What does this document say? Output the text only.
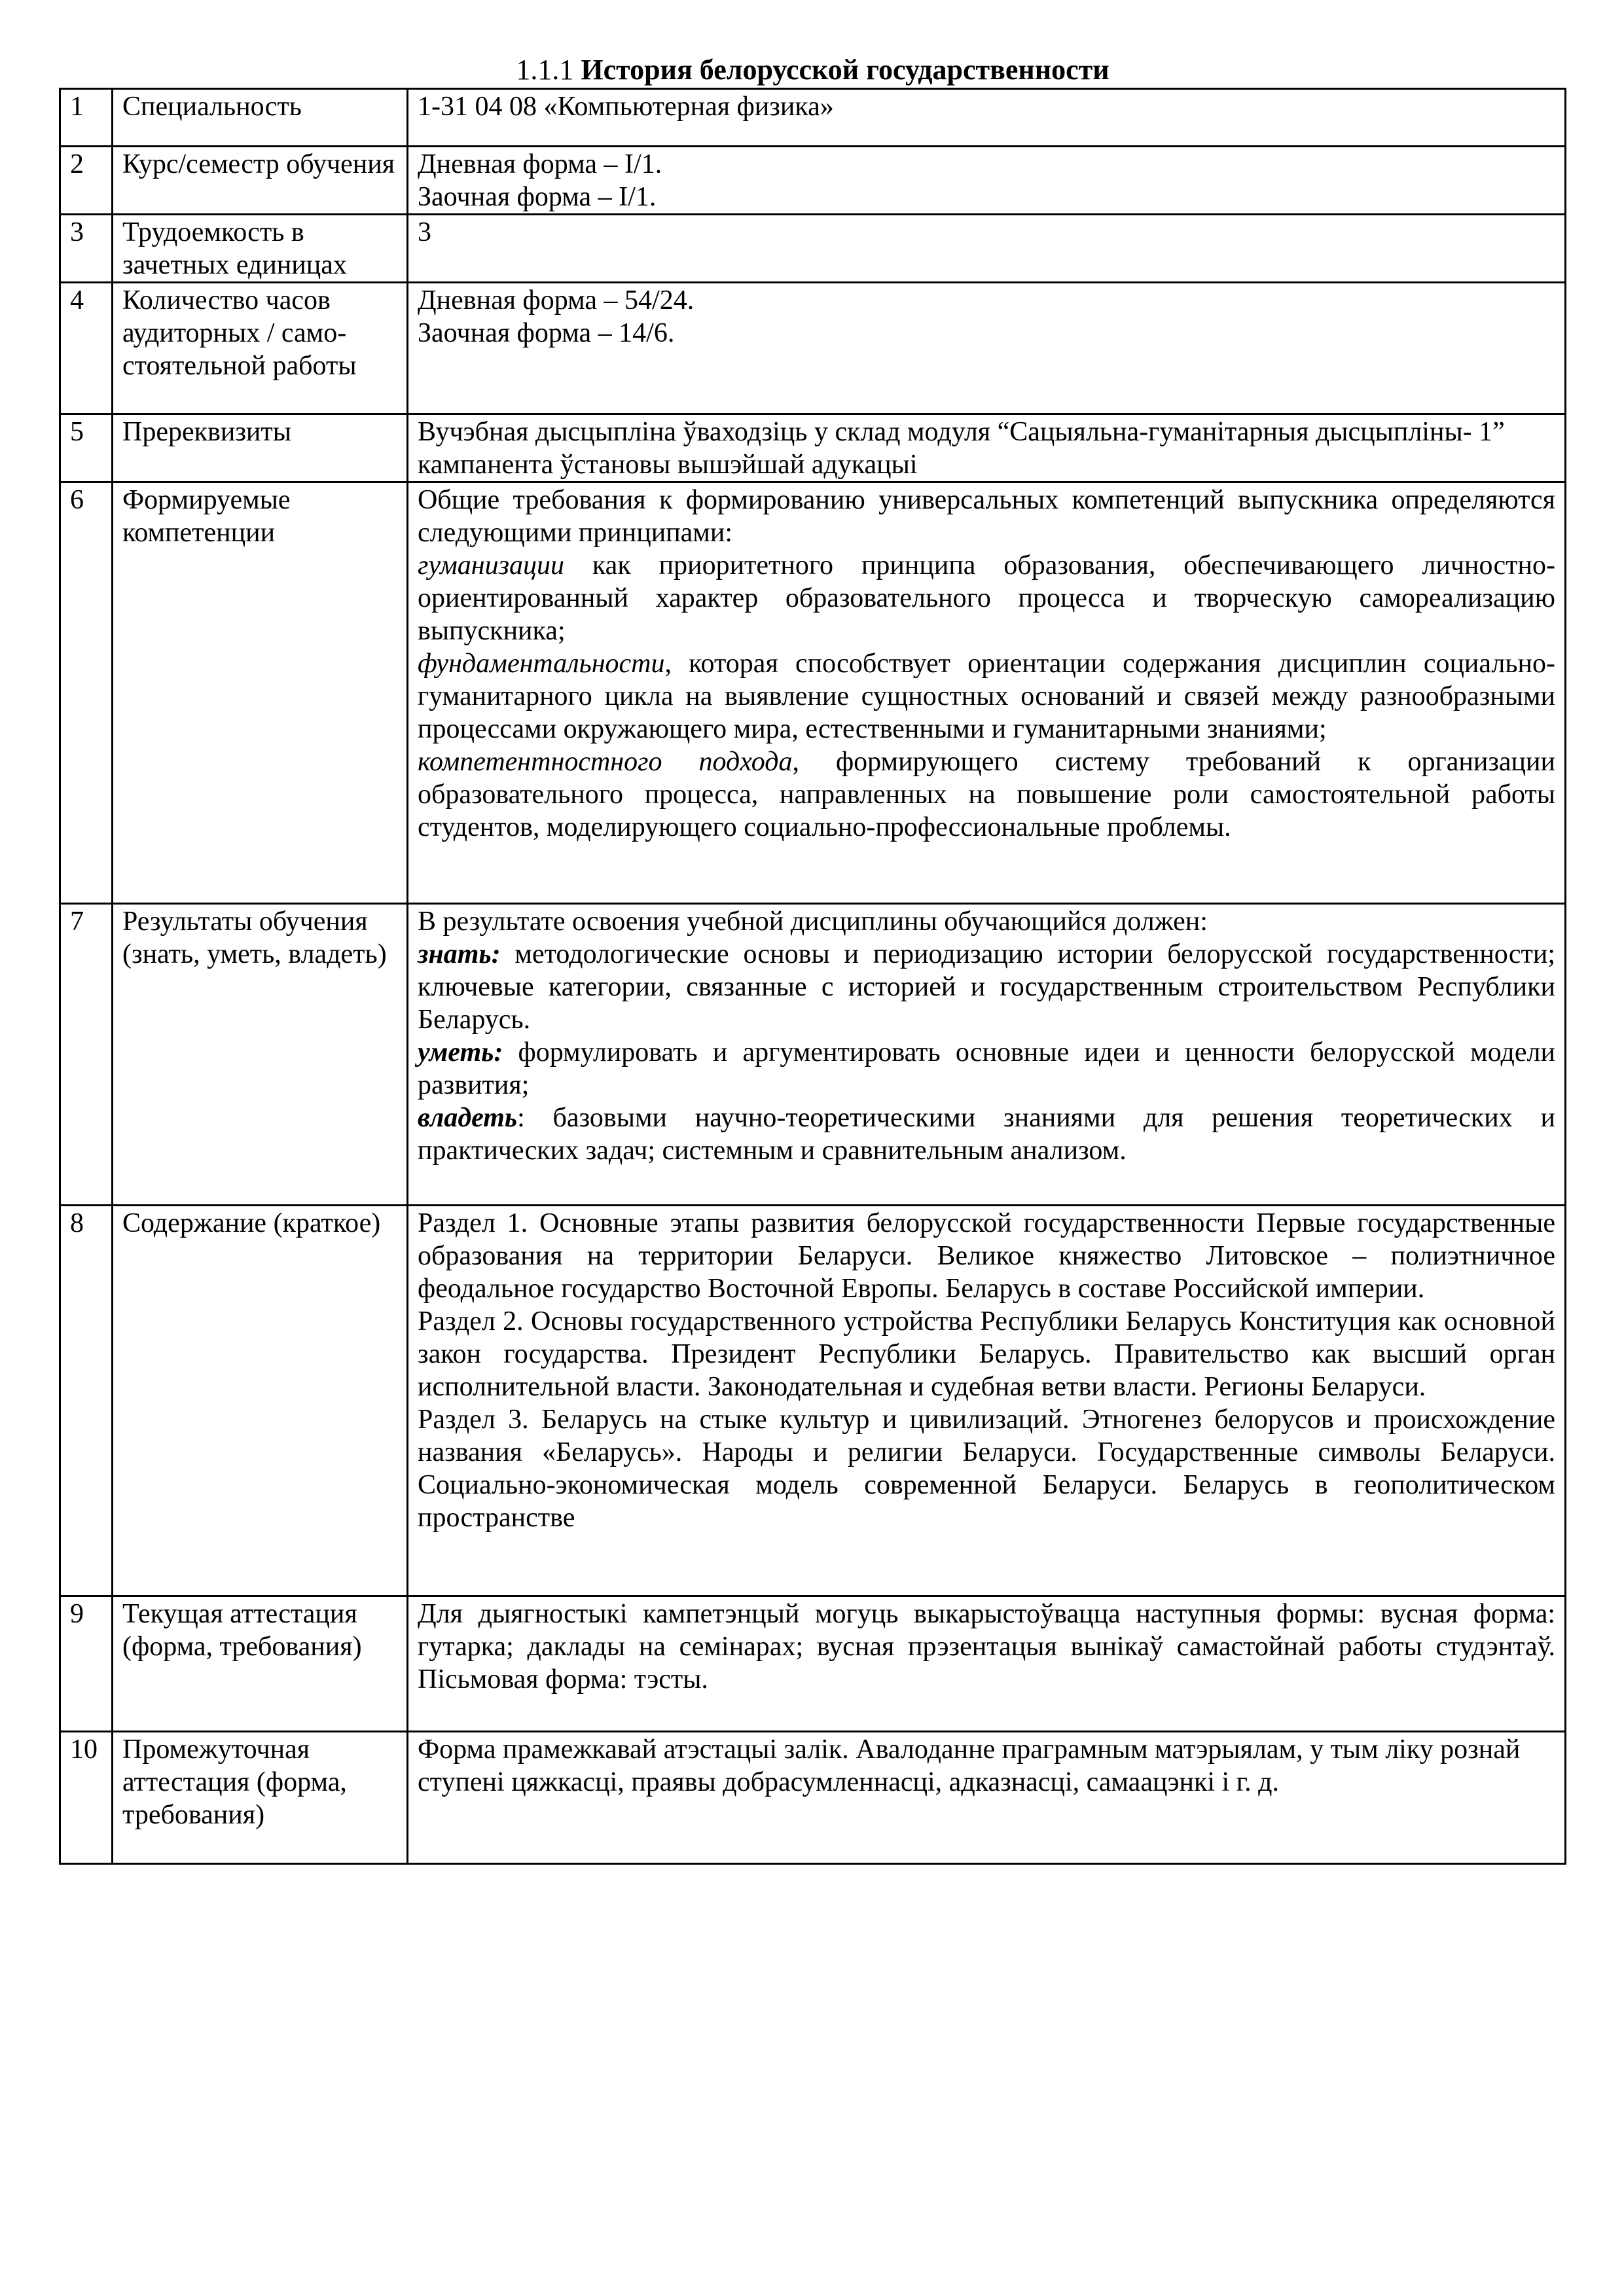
1.1.1 История белорусской государственности
1	Специальность	1-31 04 08 «Компьютерная физика»
2	Курс/семестр обучения	Дневная форма – I/1.
Заочная форма – I/1.

3	Трудоемкость в зачетных единицах	3
4	Количество часов аудиторных / само-стоятельной работы	Дневная форма – 54/24.
Заочная форма – 14/6.

5	Пререквизиты	Вучэбная дысцыпліна ўваходзіць у склад модуля “Сацыяльна-гуманітарныя дысцыпліны- 1” кампанента ўстановы вышэйшай адукацыі
6	Формируемые компетенции	Общие требования к формированию универсальных компетенций выпускника определяются следующими принципами:
гуманизации как приоритетного принципа образования, обеспечивающего личностно-ориентированный характер образовательного процесса и творческую самореализацию выпускника;
фундаментальности, которая способствует ориентации содержания дисциплин социально-гуманитарного цикла на выявление сущностных оснований и связей между разнообразными процессами окружающего мира, естественными и гуманитарными знаниями;
компетентностного подхода, формирующего систему требований к организации образовательного процесса, направленных на повышение роли самостоятельной работы студентов, моделирующего социально-профессиональные проблемы.

7	Результаты обучения (знать, уметь, владеть)	В результате освоения учебной дисциплины обучающийся должен:
знать: методологические основы и периодизацию истории белорусской государственности; ключевые категории, связанные с историей и государственным строительством Республики Беларусь.
уметь: формулировать и аргументировать основные идеи и ценности белорусской модели развития;
владеть: базовыми научно-теоретическими знаниями для решения теоретических и практических задач; системным и сравнительным анализом.

8	Содержание (краткое)	Раздел 1. Основные этапы развития белорусской государственности Первые государственные образования на территории Беларуси. Великое княжество Литовское – полиэтничное феодальное государство Восточной Европы. Беларусь в составе Российской империи.
Раздел 2. Основы государственного устройства Республики Беларусь Конституция как основной закон государства. Президент Республики Беларусь. Правительство как высший орган исполнительной власти. Законодательная и судебная ветви власти. Регионы Беларуси.
Раздел 3. Беларусь на стыке культур и цивилизаций. Этногенез белорусов и происхождение названия «Беларусь». Народы и религии Беларуси. Государственные символы Беларуси. Социально-экономическая модель современной Беларуси. Беларусь в геополитическом пространстве

9	Текущая аттестация (форма, требования)	Для дыягностыкі кампетэнцый могуць выкарыстоўвацца наступныя формы: вусная форма: гутарка; даклады на семінарах; вусная прэзентацыя вынікаў самастойнай работы студэнтаў. Пісьмовая форма: тэсты.
10	Промежуточная аттестация (форма, требования)	Форма прамежкавай атэстацыі залік. Авалоданне праграмным матэрыялам, у тым ліку рознай ступені цяжкасці, праявы добрасумленнасці, адказнасці, самаацэнкі і г. д.
